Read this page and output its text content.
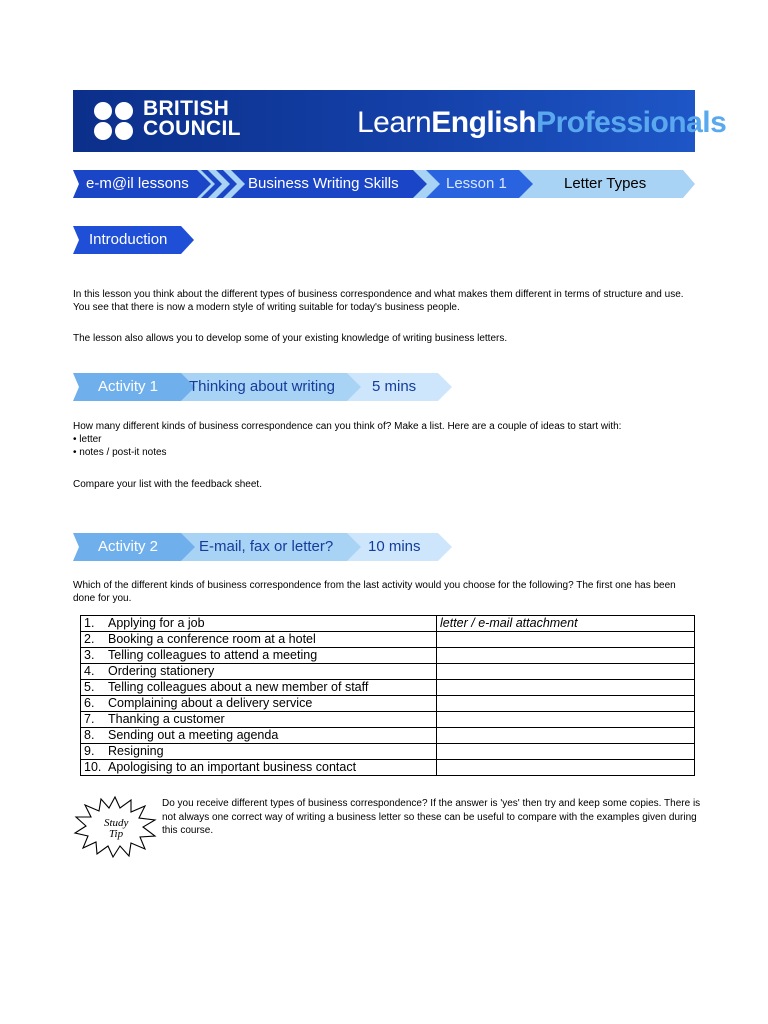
BRITISH
COUNCIL	LearnEnglishProfessionals
e-m@il lessons	Business Writing Skills	Lesson 1	Letter Types
Introduction
In this lesson you think about the different types of business correspondence and what makes them different in terms of structure and use. You see that there is now a modern style of writing suitable for today's business people.
The lesson also allows you to develop some of your existing knowledge of writing business letters.
Activity 1 Thinking about writing 5 mins
How many different kinds of business correspondence can you think of? Make a list. Here are a couple of ideas to start with:
• letter
• notes / post-it notes
Compare your list with the feedback sheet.
Activity 2	E-mail, fax or letter? 10 mins
Which of the different kinds of business correspondence from the last activity would you choose for the following? The first one has been done for you.
1. Applying for a job	letter / e-mail attachment
2. Booking a conference room at a hotel	
3. Telling colleagues to attend a meeting	
4. Ordering stationery	
5. Telling colleagues about a new member of staff	
6. Complaining about a delivery service	
7. Thanking a customer	
8. Sending out a meeting agenda	
9. Resigning	
10. Apologising to an important business contact	
Study
Tip
Do you receive different types of business correspondence? If the answer is 'yes' then try and keep some copies. There is not always one correct way of writing a business letter so these can be useful to compare with the examples given during this course.
